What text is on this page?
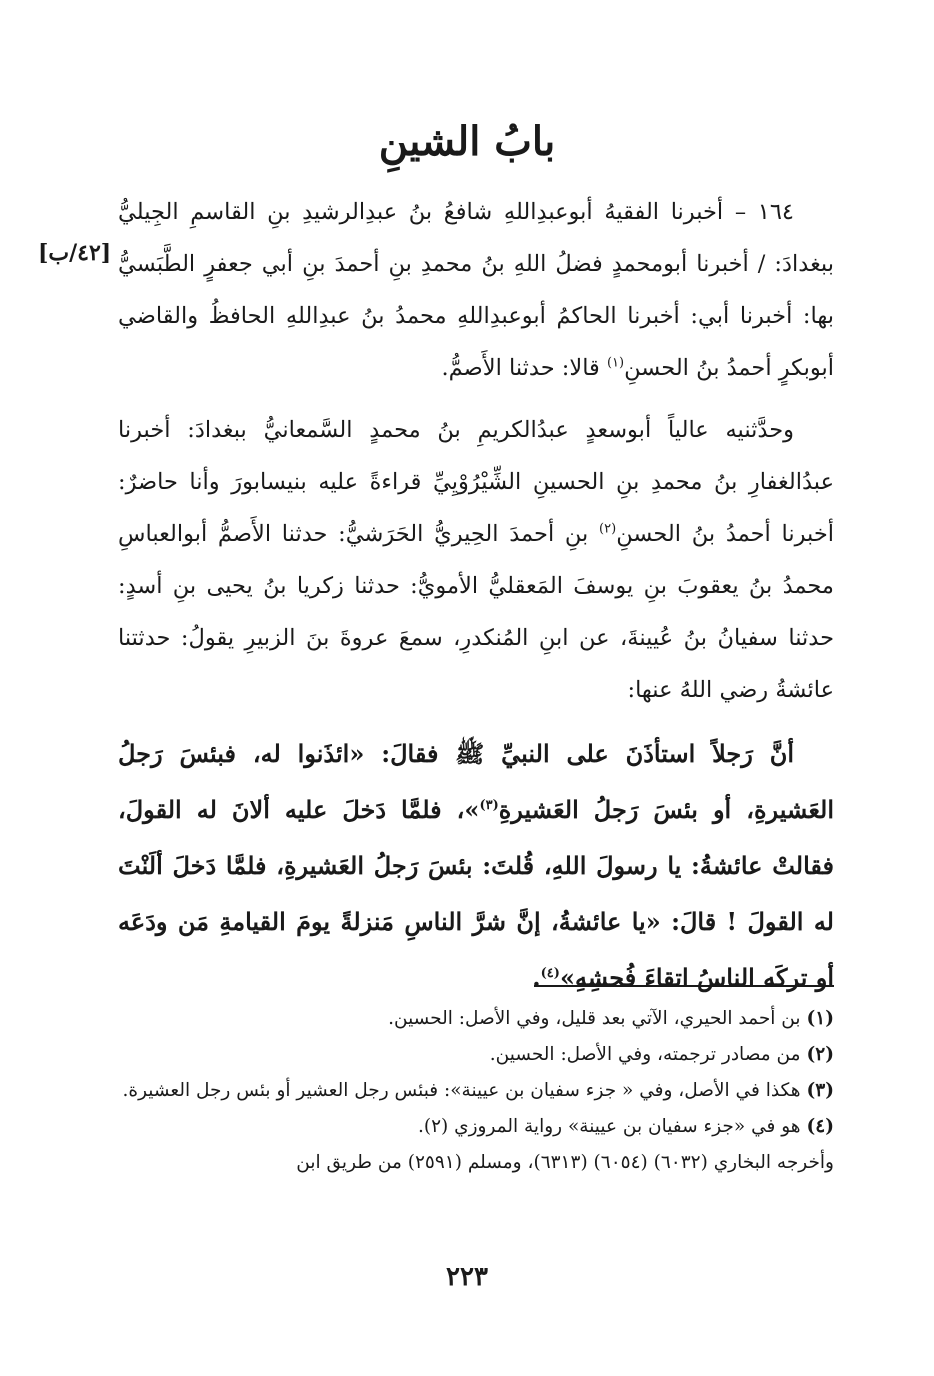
بابُ الشينِ
[٤٢/ب]

١٦٤ – أخبرنا الفقيهُ أبوعبدِاللهِ شافعُ بنُ عبدِالرشيدِ بنِ القاسمِ الجِيليُّ ببغدادَ: / أخبرنا أبومحمدٍ فضلُ اللهِ بنُ محمدِ بنِ أحمدَ بنِ أبي جعفرٍ الطَّبَسيُّ بها: أخبرنا أبي: أخبرنا الحاكمُ أبوعبدِاللهِ محمدُ بنُ عبدِاللهِ الحافظُ والقاضي أبوبكرٍ أحمدُ بنُ الحسنِ$^{(١)}$ قالا: حدثنا الأَصمُّ.

وحدَّثنيه عالياً أبوسعدٍ عبدُالكريمِ بنُ محمدٍ السَّمعانيُّ ببغدادَ: أخبرنا عبدُالغفارِ بنُ محمدِ بنِ الحسينِ الشِّيْرُوْيِيِّ قراءةً عليه بنيسابورَ وأنا حاضرٌ: أخبرنا أحمدُ بنُ الحسنِ$^{(٢)}$ بنِ أحمدَ الحِيريُّ الحَرَشيُّ: حدثنا الأَصمُّ أبوالعباسِ محمدُ بنُ يعقوبَ بنِ يوسفَ المَعقليُّ الأمويُّ: حدثنا زكريا بنُ يحيى بنِ أسدٍ: حدثنا سفيانُ بنُ عُيينةَ، عن ابنِ المُنكدرِ، سمعَ عروةَ بنَ الزبيرِ يقولُ: حدثتنا عائشةُ رضي اللهُ عنها:

أنَّ رَجلاً استأذَنَ على النبيِّ ﷺ فقالَ: «ائذَنوا له، فبئسَ رَجلُ العَشيرةِ، أو بئسَ رَجلُ العَشيرةِ$^{(٣)}$»، فلمَّا دَخلَ عليه ألانَ له القولَ، فقالتْ عائشةُ: يا رسولَ اللهِ، قُلتَ: بئسَ رَجلُ العَشيرةِ، فلمَّا دَخلَ ألَنْتَ له القولَ ! قالَ: «يا عائشةُ، إنَّ شرَّ الناسِ مَنزلةً يومَ القيامةِ مَن ودَعَه أو تركَه الناسُ اتقاءَ فُحشِهِ»$^{(٤)}$.

(١)بن أحمد الحيري، الآتي بعد قليل، وفي الأصل: الحسين.
(٢)من مصادر ترجمته، وفي الأصل: الحسين.
(٣)هكذا في الأصل، وفي « جزء سفيان بن عيينة»: فبئس رجل العشير أو بئس رجل العشيرة.
(٤)هو في «جزء سفيان بن عيينة» رواية المروزي (٢).
وأخرجه البخاري (٦٠٣٢) (٦٠٥٤) (٦٣١٣)، ومسلم (٢٥٩١) من طريق ابن
٢٢٣
